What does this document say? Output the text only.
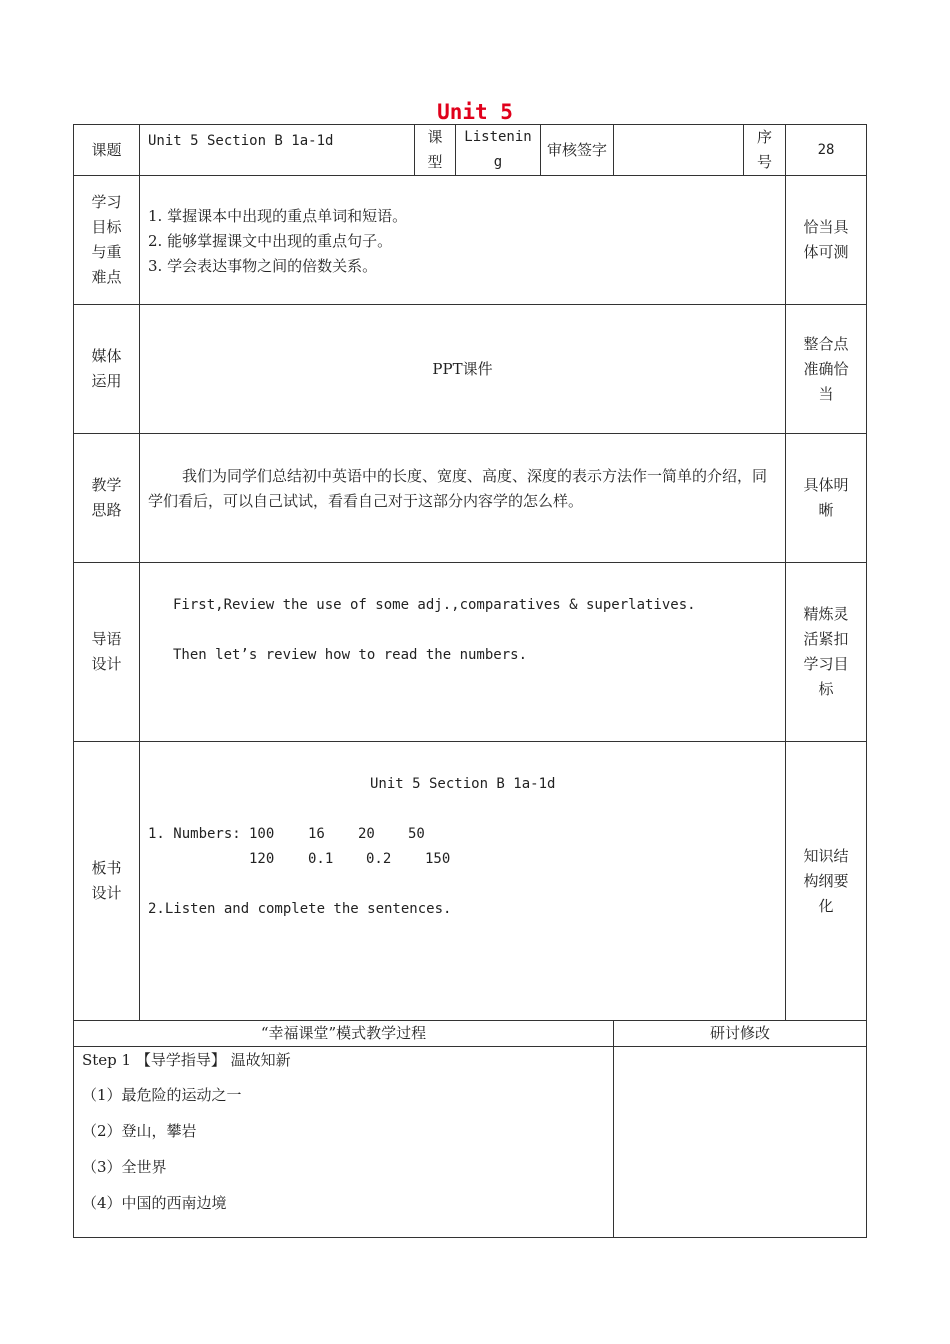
Unit 5
课题 Unit 5 Section B 1a-1d	课型
Listening
审核签字
序号
28
学习目标与重难点
1. 掌握课本中出现的重点单词和短语。
2. 能够掌握课文中出现的重点句子。
3. 学会表达事物之间的倍数关系。
恰当具体可测
媒体运用
PPT课件
整合点准确恰当
教学思路
我们为同学们总结初中英语中的长度、宽度、高度、深度的表示方法作一简单的介绍，同学们看后，可以自己试试，看看自己对于这部分内容学的怎么样。
具体明晰
导语设计
First,Review the use of some adj.,comparatives & superlatives.
Then let’s review how to read the numbers.
精炼灵活紧扣学习目标
板书设计
Unit 5 Section B 1a-1d
1. Numbers: 100 16 20 50
120 0.1 0.2 150
2.Listen and complete the sentences.
知识结构纲要化
“幸福课堂”模式教学过程	研讨修改
Step 1 【导学指导】 温故知新
（1）最危险的运动之一
（2）登山，攀岩
（3）全世界
（4）中国的西南边境
